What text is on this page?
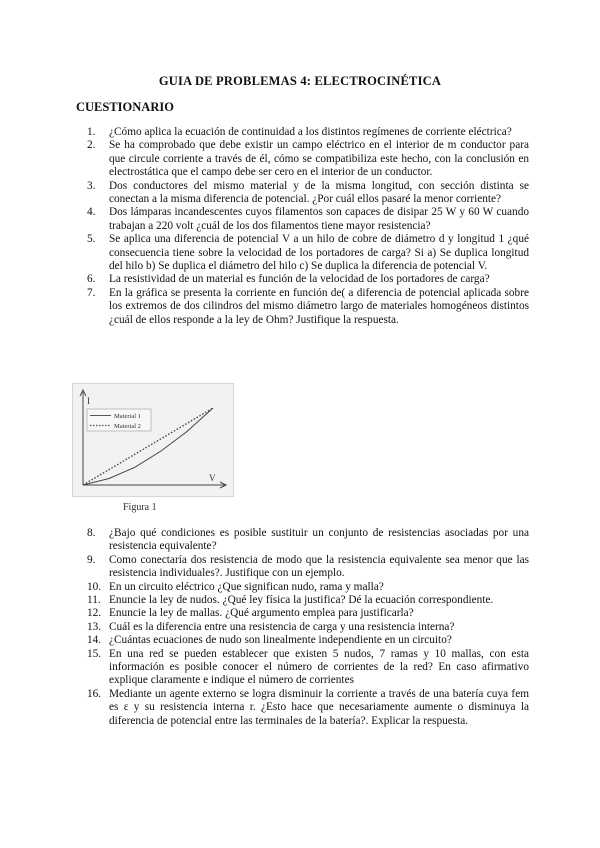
GUIA DE PROBLEMAS 4: ELECTROCINÉTICA
CUESTIONARIO
1. ¿Cómo aplica la ecuación de continuidad a los distintos regímenes de corriente eléctrica?
2. Se ha comprobado que debe existir un campo eléctrico en el interior de m conductor para que circule corriente a través de él, cómo se compatibiliza este hecho, con la conclusión en electrostática que el campo debe ser cero en el interior de un conductor.
3. Dos conductores del mismo material y de la misma longitud, con sección distinta se conectan a la misma diferencia de potencial. ¿Por cuál ellos pasaré la menor corriente?
4. Dos lámparas incandescentes cuyos filamentos son capaces de disipar 25 W y 60 W cuando trabajan a 220 volt ¿cuál de los dos filamentos tiene mayor resistencia?
5. Se aplica una diferencia de potencial V a un hilo de cobre de diámetro d y longitud 1 ¿qué consecuencia tiene sobre la velocidad de los portadores de carga? Si a) Se duplica longitud del hilo b) Se duplica el diámetro del hilo c) Se duplica la diferencia de potencial V.
6. La resistividad de un material es función de la velocidad de los portadores de carga?
7. En la gráfica se presenta la corriente en función de( a diferencia de potencial aplicada sobre los extremos de dos cilindros del mismo diámetro largo de materiales homogéneos distintos ¿cuál de ellos responde a la ley de Ohm? Justifique la respuesta.
I
V
Material 1
Material 2
Figura 1
8. ¿Bajo qué condiciones es posible sustituir un conjunto de resistencias asociadas por una resistencia equivalente?
9. Como conectaría dos resistencia de modo que la resistencia equivalente sea menor que las resistencia individuales?. Justifique con un ejemplo.
10. En un circuito eléctrico ¿Que significan nudo, rama y malla?
11. Enuncie la ley de nudos. ¿Qué ley física la justifica? Dé la ecuación correspondiente.
12. Enuncie la ley de mallas. ¿Qué argumento emplea para justificarla?
13. Cuál es la diferencia entre una resistencia de carga y una resistencia interna?
14. ¿Cuántas ecuaciones de nudo son linealmente independiente en un circuito?
15. En una red se pueden establecer que existen 5 nudos, 7 ramas y 10 mallas, con esta información es posible conocer el número de corrientes de la red? En caso afirmativo explique claramente e indique el número de corrientes
16. Mediante un agente externo se logra disminuir la corriente a través de una batería cuya fem es ε y su resistencia interna r. ¿Esto hace que necesariamente aumente o disminuya la diferencia de potencial entre las terminales de la batería?. Explicar la respuesta.
